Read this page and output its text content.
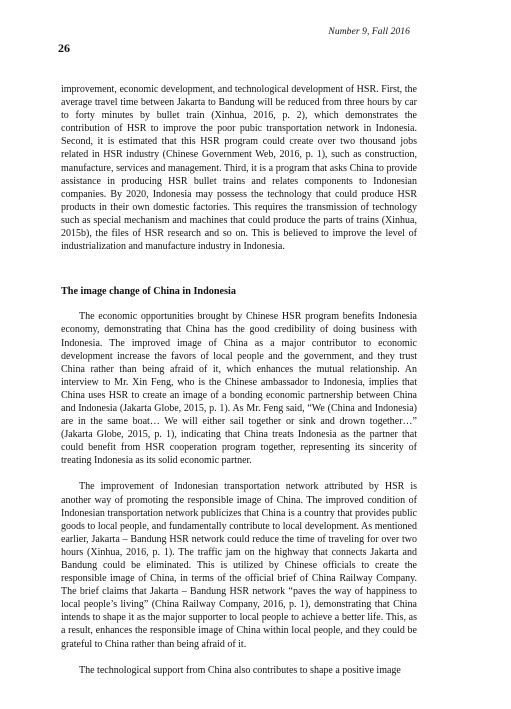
Number 9, Fall 2016
26

improvement, economic development, and technological development of HSR. First, the average travel time between Jakarta to Bandung will be reduced from three hours by car to forty minutes by bullet train (Xinhua, 2016, p. 2), which demonstrates the contribution of HSR to improve the poor pubic transportation network in Indonesia. Second, it is estimated that this HSR program could create over two thousand jobs related in HSR industry (Chinese Government Web, 2016, p. 1), such as construction, manufacture, services and management. Third, it is a program that asks China to provide assistance in producing HSR bullet trains and relates components to Indonesian companies. By 2020, Indonesia may possess the technology that could produce HSR products in their own domestic factories. This requires the transmission of technology such as special mechanism and machines that could produce the parts of trains (Xinhua, 2015b), the files of HSR research and so on. This is believed to improve the level of industrialization and manufacture industry in Indonesia.

The image change of China in Indonesia

The economic opportunities brought by Chinese HSR program benefits Indonesia economy, demonstrating that China has the good credibility of doing business with Indonesia. The improved image of China as a major contributor to economic development increase the favors of local people and the government, and they trust China rather than being afraid of it, which enhances the mutual relationship. An interview to Mr. Xin Feng, who is the Chinese ambassador to Indonesia, implies that China uses HSR to create an image of a bonding economic partnership between China and Indonesia (Jakarta Globe, 2015, p. 1). As Mr. Feng said, “We (China and Indonesia) are in the same boat… We will either sail together or sink and drown together…” (Jakarta Globe, 2015, p. 1), indicating that China treats Indonesia as the partner that could benefit from HSR cooperation program together, representing its sincerity of treating Indonesia as its solid economic partner.

The improvement of Indonesian transportation network attributed by HSR is another way of promoting the responsible image of China. The improved condition of Indonesian transportation network publicizes that China is a country that provides public goods to local people, and fundamentally contribute to local development. As mentioned earlier, Jakarta – Bandung HSR network could reduce the time of traveling for over two hours (Xinhua, 2016, p. 1). The traffic jam on the highway that connects Jakarta and Bandung could be eliminated. This is utilized by Chinese officials to create the responsible image of China, in terms of the official brief of China Railway Company. The brief claims that Jakarta – Bandung HSR network “paves the way of happiness to local people’s living” (China Railway Company, 2016, p. 1), demonstrating that China intends to shape it as the major supporter to local people to achieve a better life. This, as a result, enhances the responsible image of China within local people, and they could be grateful to China rather than being afraid of it.

The technological support from China also contributes to shape a positive image
